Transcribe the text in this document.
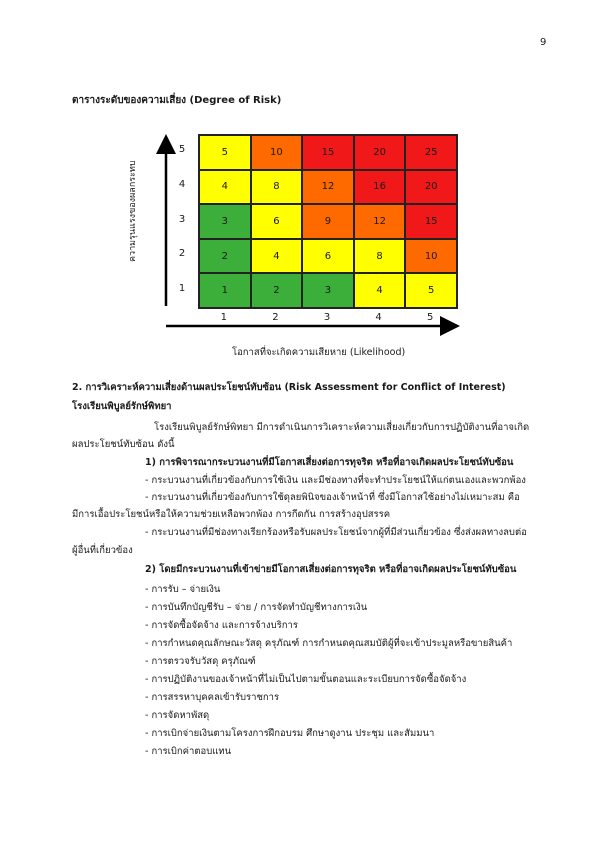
9
ตารางระดับของความเสี่ยง (Degree of Risk)
ความรุนแรงของผลกระทบ
5
4
3
2
1
5	10	15	20	25
4	8	12	16	20
3	6	9	12	15
2	4	6	8	10
1	2	3	4	5
1	2	3	4	5
โอกาสที่จะเกิดความเสียหาย (Likelihood)
2. การวิเคราะห์ความเสี่ยงด้านผลประโยชน์ทับซ้อน (Risk Assessment for Conflict of Interest)
โรงเรียนพิบูลย์รักษ์พิทยา
โรงเรียนพิบูลย์รักษ์พิทยา มีการดำเนินการวิเคราะห์ความเสี่ยงเกี่ยวกับการปฏิบัติงานที่อาจเกิด
ผลประโยชน์ทับซ้อน ดังนี้
1) การพิจารณากระบวนงานที่มีโอกาสเสี่ยงต่อการทุจริต หรือที่อาจเกิดผลประโยชน์ทับซ้อน
- กระบวนงานที่เกี่ยวข้องกับการใช้เงิน และมีช่องทางที่จะทำประโยชน์ให้แก่ตนเองและพวกพ้อง
- กระบวนงานที่เกี่ยวข้องกับการใช้ดุลยพินิจของเจ้าหน้าที่ ซึ่งมีโอกาสใช้อย่างไม่เหมาะสม คือ
มีการเอื้อประโยชน์หรือให้ความช่วยเหลือพวกพ้อง การกีดกัน การสร้างอุปสรรค
- กระบวนงานที่มีช่องทางเรียกร้องหรือรับผลประโยชน์จากผู้ที่มีส่วนเกี่ยวข้อง ซึ่งส่งผลทางลบต่อ
ผู้อื่นที่เกี่ยวข้อง
2) โดยมีกระบวนงานที่เข้าข่ายมีโอกาสเสี่ยงต่อการทุจริต หรือที่อาจเกิดผลประโยชน์ทับซ้อน
- การรับ – จ่ายเงิน
- การบันทึกบัญชีรับ – จ่าย / การจัดทำบัญชีทางการเงิน
- การจัดซื้อจัดจ้าง และการจ้างบริการ
- การกำหนดคุณลักษณะวัสดุ ครุภัณฑ์ การกำหนดคุณสมบัติผู้ที่จะเข้าประมูลหรือขายสินค้า
- การตรวจรับวัสดุ ครุภัณฑ์
- การปฏิบัติงานของเจ้าหน้าที่ไม่เป็นไปตามขั้นตอนและระเบียบการจัดซื้อจัดจ้าง
- การสรรหาบุคคลเข้ารับราชการ
- การจัดหาพัสดุ
- การเบิกจ่ายเงินตามโครงการฝึกอบรม ศึกษาดูงาน ประชุม และสัมมนา
- การเบิกค่าตอบแทน
